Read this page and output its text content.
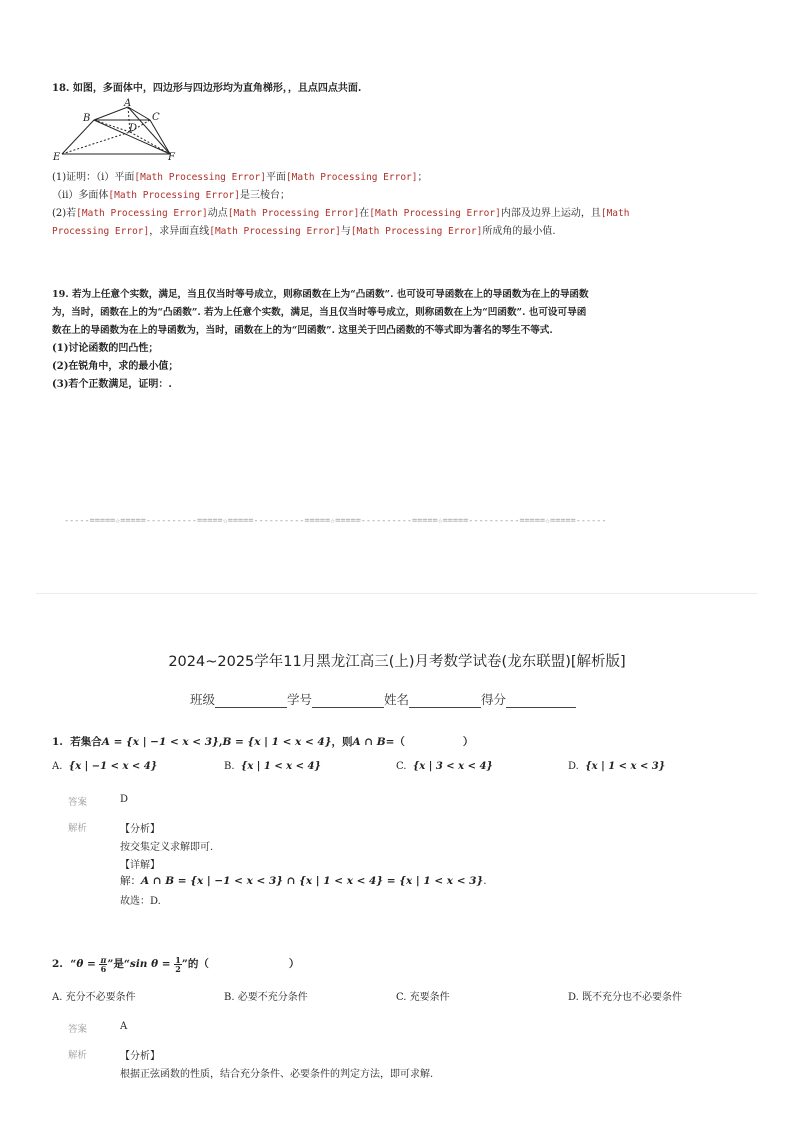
18. 如图，多面体中，四边形与四边形均为直角梯形，，且点四点共面.
A
B	C
D
E	F
(1)证明：（i）平面[Math Processing Error]平面[Math Processing Error]；
（ii）多面体[Math Processing Error]是三棱台；
(2)若[Math Processing Error]动点[Math Processing Error]在[Math Processing Error]内部及边界上运动，且[Math
Processing Error]，求异面直线[Math Processing Error]与[Math Processing Error]所成角的最小值.
19. 若为上任意个实数，满足，当且仅当时等号成立，则称函数在上为“凸函数”. 也可设可导函数在上的导函数为在上的导函数
为，当时，函数在上的为“凸函数”. 若为上任意个实数，满足，当且仅当时等号成立，则称函数在上为“凹函数”. 也可设可导函
数在上的导函数为在上的导函数为，当时，函数在上的为“凹函数”. 这里关于凹凸函数的不等式即为著名的琴生不等式.
(1)讨论函数的凹凸性；
(2)在锐角中，求的最小值；
(3)若个正数满足，证明：.
-----=====☆=====----------=====☆=====----------=====☆=====----------=====☆=====----------=====☆=====------
2024~2025学年11月黑龙江高三(上)月考数学试卷(龙东联盟)[解析版]
班级	学号	姓名	得分
1. 若集合A = {x | −1 < x < 3},B = {x | 1 < x < 4}，则A ∩ B=（	）
A. {x | −1 < x < 4}	B. {x | 1 < x < 4}	C. {x | 3 < x < 4}	D. {x | 1 < x < 3}
答案	D
解析	【分析】
按交集定义求解即可.
【详解】
解：A ∩ B = {x | −1 < x < 3} ∩ {x | 1 < x < 4} = {x | 1 < x < 3}.
故选：D.
2. “$\theta = \frac{\pi}{6}$ ”是“sin $\theta = \frac{1}{2}$ ”的（	）
A. 充分不必要条件	B. 必要不充分条件	C. 充要条件	D. 既不充分也不必要条件
答案	A
解析	【分析】
根据正弦函数的性质，结合充分条件、必要条件的判定方法，即可求解.
